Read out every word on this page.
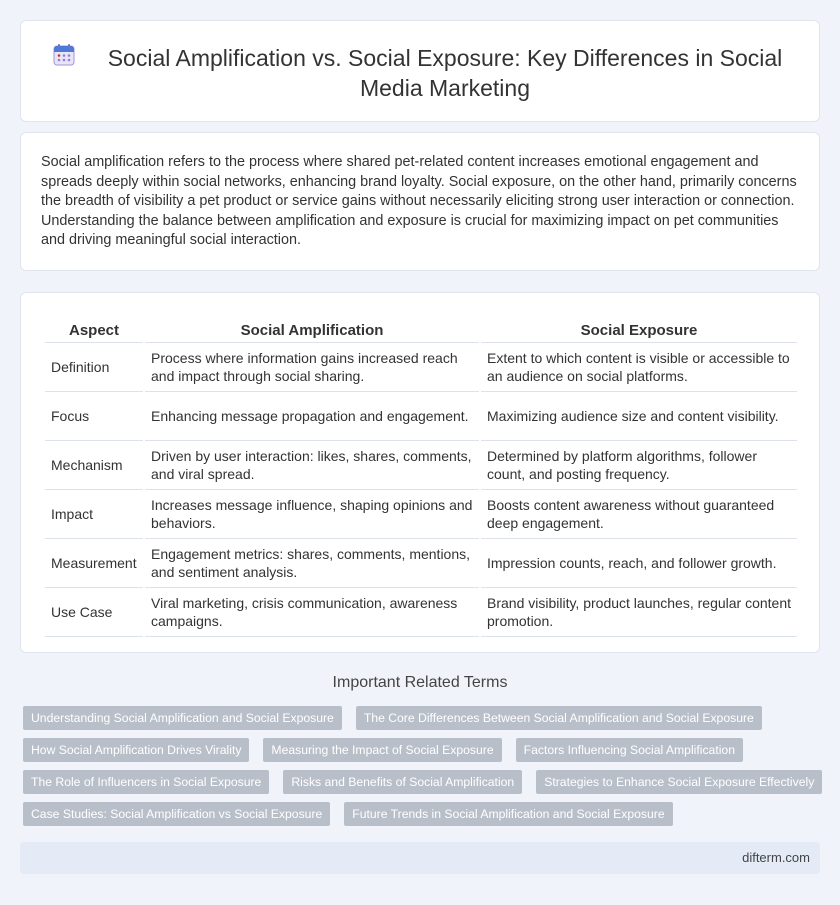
Social Amplification vs. Social Exposure: Key Differences in Social Media Marketing

Social amplification refers to the process where shared pet-related content increases emotional engagement and spreads deeply within social networks, enhancing brand loyalty. Social exposure, on the other hand, primarily concerns the breadth of visibility a pet product or service gains without necessarily eliciting strong user interaction or connection. Understanding the balance between amplification and exposure is crucial for maximizing impact on pet communities and driving meaningful social interaction.

Aspect	Social Amplification	Social Exposure
Definition	Process where information gains increased reach and impact through social sharing.	Extent to which content is visible or accessible to an audience on social platforms.
Focus	Enhancing message propagation and engagement.	Maximizing audience size and content visibility.
Mechanism	Driven by user interaction: likes, shares, comments, and viral spread.	Determined by platform algorithms, follower count, and posting frequency.
Impact	Increases message influence, shaping opinions and behaviors.	Boosts content awareness without guaranteed deep engagement.
Measurement	Engagement metrics: shares, comments, mentions, and sentiment analysis.	Impression counts, reach, and follower growth.
Use Case	Viral marketing, crisis communication, awareness campaigns.	Brand visibility, product launches, regular content promotion.
Important Related Terms
Understanding Social Amplification and Social Exposure	The Core Differences Between Social Amplification and Social Exposure
How Social Amplification Drives Virality	Measuring the Impact of Social Exposure	Factors Influencing Social Amplification
The Role of Influencers in Social Exposure	Risks and Benefits of Social Amplification	Strategies to Enhance Social Exposure Effectively
Case Studies: Social Amplification vs Social Exposure	Future Trends in Social Amplification and Social Exposure
difterm.com
